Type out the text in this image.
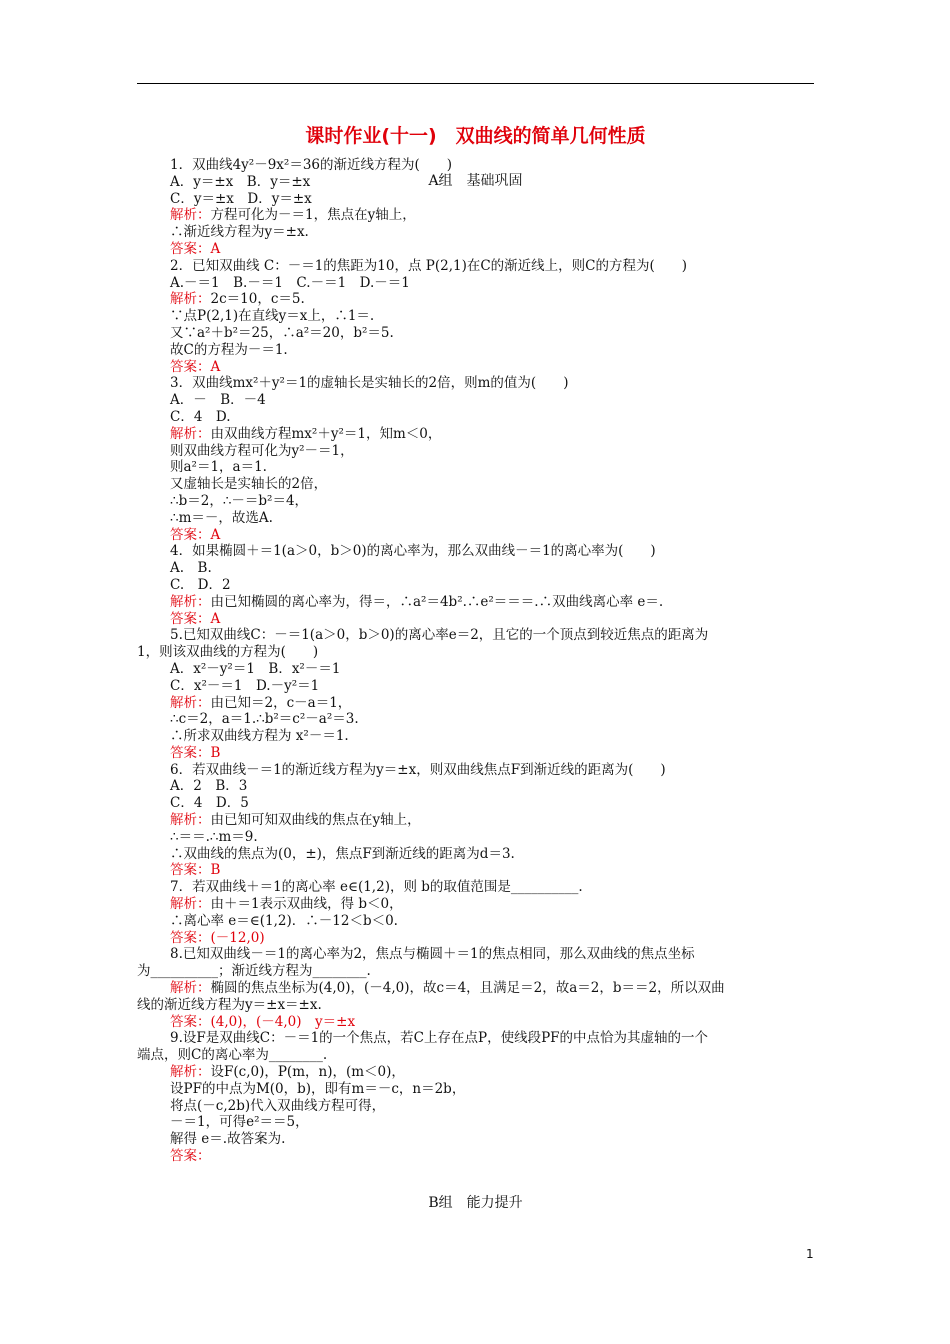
课时作业(十一)　双曲线的简单几何性质
A组　基础巩固
1．双曲线4y²－9x²＝36的渐近线方程为(　　)
A．y＝±x　B．y＝±x
C．y＝±x　D．y＝±x
解析：方程可化为－＝1，焦点在y轴上，
∴渐近线方程为y＝±x.
答案：A
2．已知双曲线 C：－＝1的焦距为10，点 P(2,1)在C的渐近线上，则C的方程为(　　)
A.－＝1　B.－＝1　C.－＝1　D.－＝1
解析：2c＝10，c＝5.
∵点P(2,1)在直线y＝x上，∴1＝.
又∵a²＋b²＝25，∴a²＝20，b²＝5.
故C的方程为－＝1.
答案：A
3．双曲线mx²＋y²＝1的虚轴长是实轴长的2倍，则m的值为(　　)
A．－　B．－4
C．4　D.
解析：由双曲线方程mx²＋y²＝1，知m＜0，
则双曲线方程可化为y²－＝1，
则a²＝1，a＝1.
又虚轴长是实轴长的2倍，
∴b＝2，∴－＝b²＝4，
∴m＝－，故选A.
答案：A
4．如果椭圆＋＝1(a＞0，b＞0)的离心率为，那么双曲线－＝1的离心率为(　　)
A.　B.
C.　D．2
解析：由已知椭圆的离心率为，得＝，∴a²＝4b².∴e²＝＝＝.∴双曲线离心率 e＝.
答案：A
5.已知双曲线C：－＝1(a＞0，b＞0)的离心率e＝2，且它的一个顶点到较近焦点的距离为
1，则该双曲线的方程为(　　)
A．x²－y²＝1　B．x²－＝1
C．x²－＝1　D.－y²＝1
解析：由已知＝2，c－a＝1，
∴c＝2，a＝1.∴b²＝c²－a²＝3.
∴所求双曲线方程为 x²－＝1.
答案：B
6．若双曲线－＝1的渐近线方程为y＝±x，则双曲线焦点F到渐近线的距离为(　　)
A．2　B．3
C．4　D．5
解析：由已知可知双曲线的焦点在y轴上，
∴＝＝.∴m＝9.
∴双曲线的焦点为(0，±)，焦点F到渐近线的距离为d＝3.
答案：B
7．若双曲线＋＝1的离心率 e∈(1,2)，则 b的取值范围是__________.
解析：由＋＝1表示双曲线，得 b＜0，
∴离心率 e＝∈(1,2)．∴－12＜b＜0.
答案：(－12,0)
8.已知双曲线－＝1的离心率为2，焦点与椭圆＋＝1的焦点相同，那么双曲线的焦点坐标
为__________；渐近线方程为________.
解析：椭圆的焦点坐标为(4,0)，(－4,0)，故c＝4，且满足＝2，故a＝2，b＝＝2，所以双曲
线的渐近线方程为y＝±x＝±x.
答案：(4,0)，(－4,0)　y＝±x
9.设F是双曲线C：－＝1的一个焦点，若C上存在点P，使线段PF的中点恰为其虚轴的一个
端点，则C的离心率为________.
解析：设F(c,0)，P(m，n)，(m＜0)，
设PF的中点为M(0，b)，即有m＝－c，n＝2b，
将点(－c,2b)代入双曲线方程可得，
－＝1，可得e²＝＝5，
解得 e＝.故答案为.
答案：
B组　能力提升
1
